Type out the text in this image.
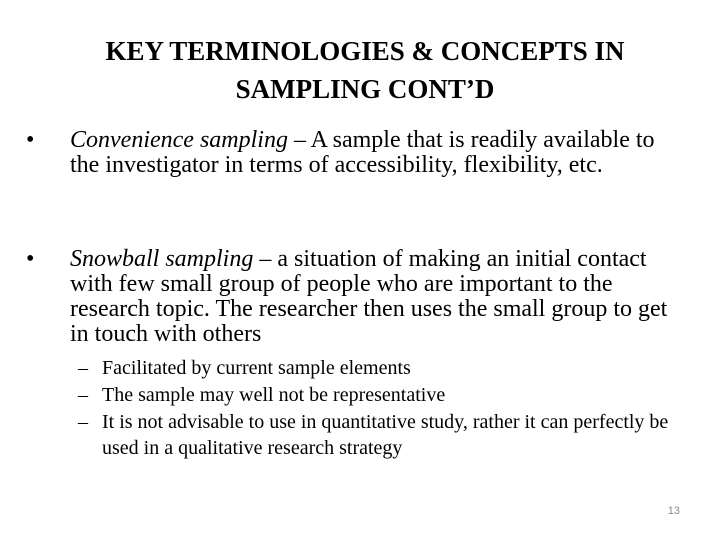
KEY TERMINOLOGIES & CONCEPTS IN
SAMPLING CONT’D
•	Convenience sampling – A sample that is readily available to the investigator in terms of accessibility, flexibility, etc.
•	Snowball sampling – a situation of making an initial contact with few small group of people who are important to the research topic. The researcher then uses the small group to get in touch with others
– Facilitated by current sample elements
– The sample may well not be representative
– It is not advisable to use in quantitative study, rather it can perfectly be used in a qualitative research strategy
13
